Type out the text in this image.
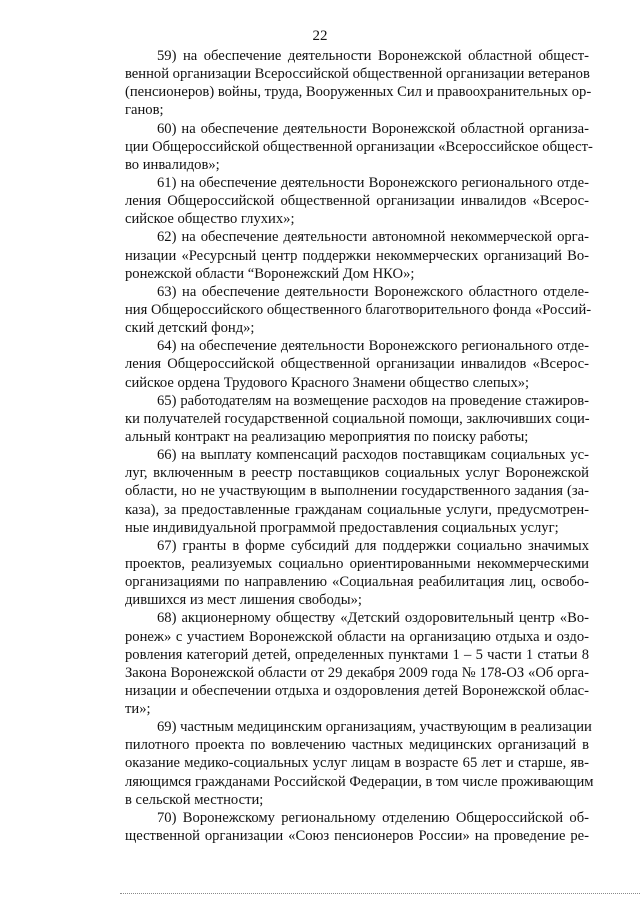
22
59) на обеспечение деятельности Воронежской областной общест-
венной организации Всероссийской общественной организации ветеранов
(пенсионеров) войны, труда, Вооруженных Сил и правоохранительных ор-
ганов;
60) на обеспечение деятельности Воронежской областной организа-
ции Общероссийской общественной организации «Всероссийское общест-
во инвалидов»;
61) на обеспечение деятельности Воронежского регионального отде-
ления Общероссийской общественной организации инвалидов «Всерос-
сийское общество глухих»;
62) на обеспечение деятельности автономной некоммерческой орга-
низации «Ресурсный центр поддержки некоммерческих организаций Во-
ронежской области “Воронежский Дом НКО»;
63) на обеспечение деятельности Воронежского областного отделе-
ния Общероссийского общественного благотворительного фонда «Россий-
ский детский фонд»;
64) на обеспечение деятельности Воронежского регионального отде-
ления Общероссийской общественной организации инвалидов «Всерос-
сийское ордена Трудового Красного Знамени общество слепых»;
65) работодателям на возмещение расходов на проведение стажиров-
ки получателей государственной социальной помощи, заключивших соци-
альный контракт на реализацию мероприятия по поиску работы;
66) на выплату компенсаций расходов поставщикам социальных ус-
луг, включенным в реестр поставщиков социальных услуг Воронежской
области, но не участвующим в выполнении государственного задания (за-
каза), за предоставленные гражданам социальные услуги, предусмотрен-
ные индивидуальной программой предоставления социальных услуг;
67) гранты в форме субсидий для поддержки социально значимых
проектов, реализуемых социально ориентированными некоммерческими
организациями по направлению «Социальная реабилитация лиц, освобо-
дившихся из мест лишения свободы»;
68) акционерному обществу «Детский оздоровительный центр «Во-
ронеж» с участием Воронежской области на организацию отдыха и оздо-
ровления категорий детей, определенных пунктами 1 – 5 части 1 статьи 8
Закона Воронежской области от 29 декабря 2009 года № 178-ОЗ «Об орга-
низации и обеспечении отдыха и оздоровления детей Воронежской облас-
ти»;
69) частным медицинским организациям, участвующим в реализации
пилотного проекта по вовлечению частных медицинских организаций в
оказание медико-социальных услуг лицам в возрасте 65 лет и старше, яв-
ляющимся гражданами Российской Федерации, в том числе проживающим
в сельской местности;
70) Воронежскому региональному отделению Общероссийской об-
щественной организации «Союз пенсионеров России» на проведение ре-
